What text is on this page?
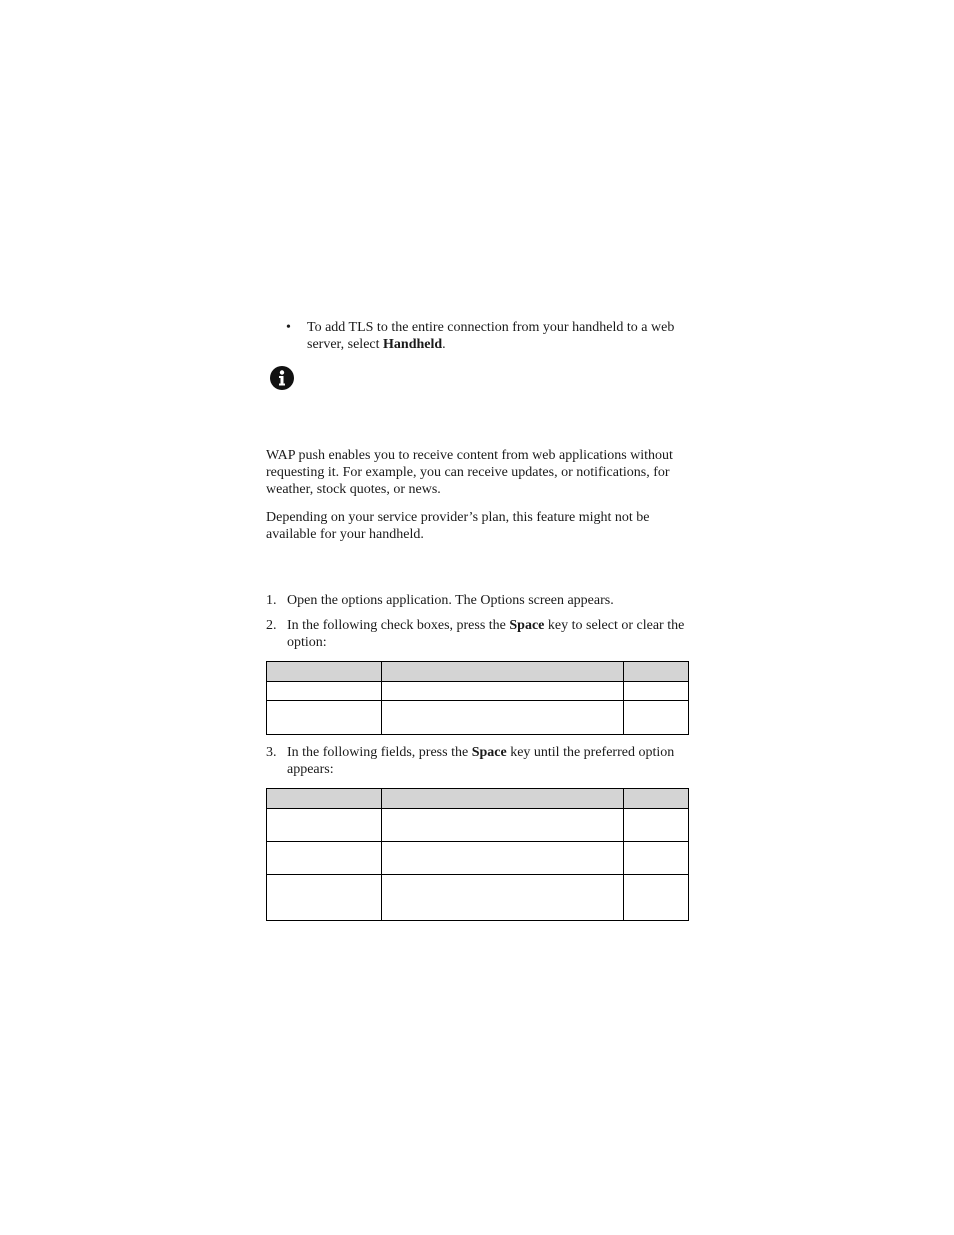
• To add TLS to the entire connection from your handheld to a web server, select Handheld.
WAP push enables you to receive content from web applications without requesting it. For example, you can receive updates, or notifications, for weather, stock quotes, or news.
Depending on your service provider’s plan, this feature might not be available for your handheld.
1. Open the options application. The Options screen appears.
2. In the following check boxes, press the Space key to select or clear the option:

3. In the following fields, press the Space key until the preferred option appears:
